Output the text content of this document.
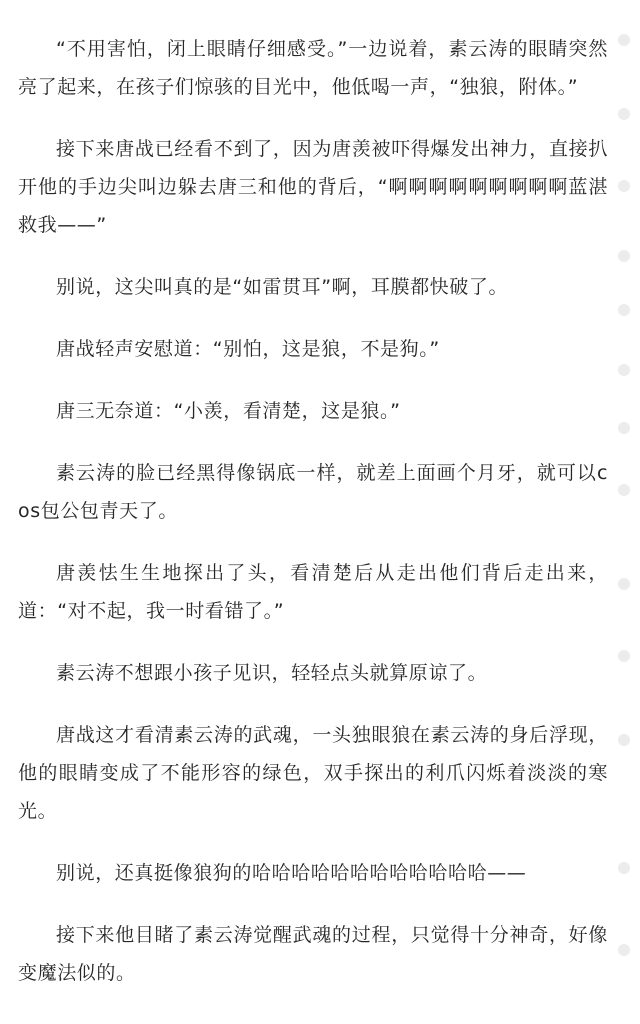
“不用害怕，闭上眼睛仔细感受。”一边说着，素云涛的眼睛突然亮了起来，在孩子们惊骇的目光中，他低喝一声，“独狼，附体。”

接下来唐战已经看不到了，因为唐羡被吓得爆发出神力，直接扒开他的手边尖叫边躲去唐三和他的背后，“啊啊啊啊啊啊啊啊啊蓝湛救我——”

别说，这尖叫真的是“如雷贯耳”啊，耳膜都快破了。

唐战轻声安慰道：“别怕，这是狼，不是狗。”

唐三无奈道：“小羡，看清楚，这是狼。”

素云涛的脸已经黑得像锅底一样，就差上面画个月牙，就可以cos包公包青天了。

唐羡怯生生地探出了头，看清楚后从走出他们背后走出来，道：“对不起，我一时看错了。”

素云涛不想跟小孩子见识，轻轻点头就算原谅了。

唐战这才看清素云涛的武魂，一头独眼狼在素云涛的身后浮现，他的眼睛变成了不能形容的绿色，双手探出的利爪闪烁着淡淡的寒光。

别说，还真挺像狼狗的哈哈哈哈哈哈哈哈哈哈哈哈——

接下来他目睹了素云涛觉醒武魂的过程，只觉得十分神奇，好像变魔法似的。
